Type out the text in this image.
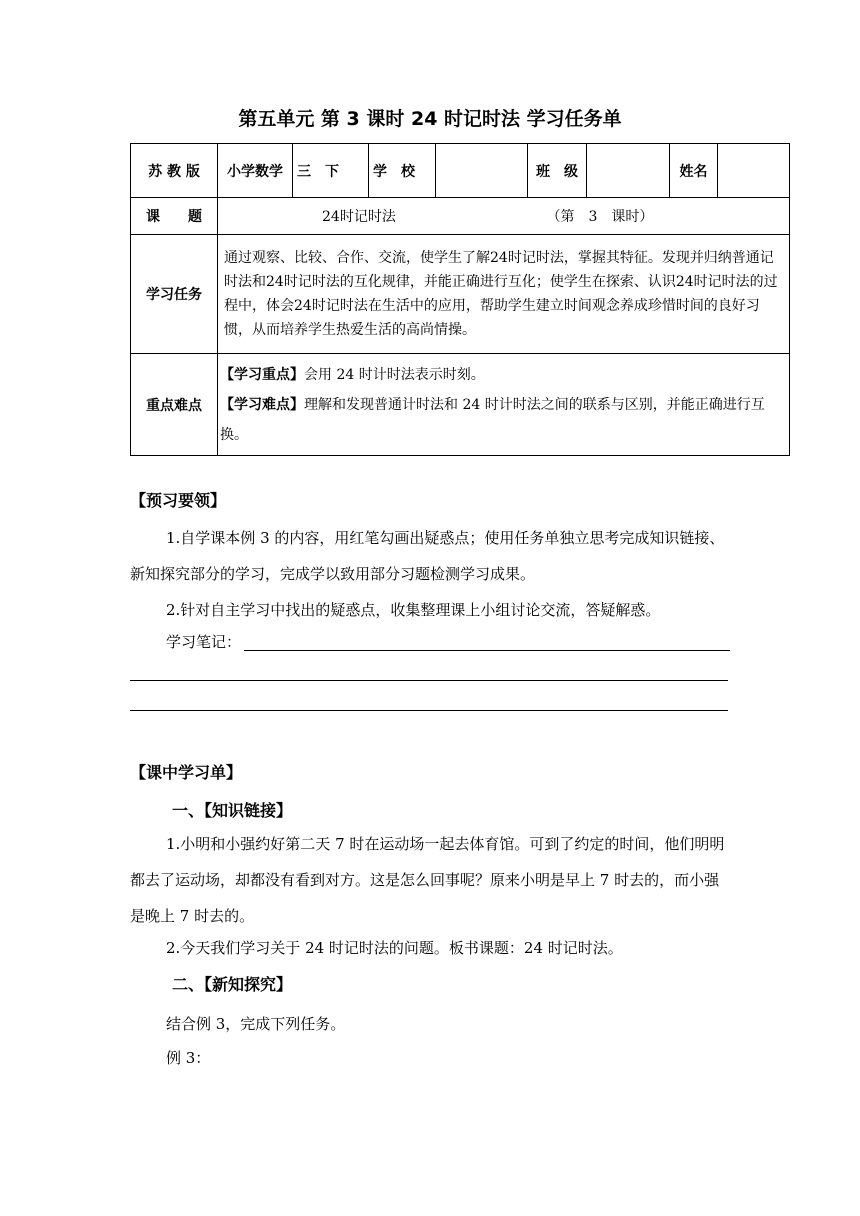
第五单元 第 3 课时 24 时记时法 学习任务单
苏 教 版	小学数学	三　下	学　校		班　级		姓名	
课　　题	24时记时法 （第　3　课时）							
学习任务	通过观察、比较、合作、交流，使学生了解24时记时法，掌握其特征。发现并归纳普通记时法和24时记时法的互化规律，并能正确进行互化；使学生在探索、认识24时记时法的过程中，体会24时记时法在生活中的应用，帮助学生建立时间观念养成珍惜时间的良好习惯，从而培养学生热爱生活的高尚情操。							
重点难点	【学习重点】会用 24 时计时法表示时刻。
【学习难点】理解和发现普通计时法和 24 时计时法之间的联系与区别，并能正确进行互换。							
【预习要领】
1.自学课本例 3 的内容，用红笔勾画出疑惑点；使用任务单独立思考完成知识链接、新知探究部分的学习，完成学以致用部分习题检测学习成果。
2.针对自主学习中找出的疑惑点，收集整理课上小组讨论交流，答疑解惑。
学习笔记：
【课中学习单】
一、【知识链接】
1.小明和小强约好第二天 7 时在运动场一起去体育馆。可到了约定的时间，他们明明都去了运动场，却都没有看到对方。这是怎么回事呢？原来小明是早上 7 时去的，而小强是晚上 7 时去的。
2.今天我们学习关于 24 时记时法的问题。板书课题：24 时记时法。
二、【新知探究】
结合例 3，完成下列任务。
例 3：
